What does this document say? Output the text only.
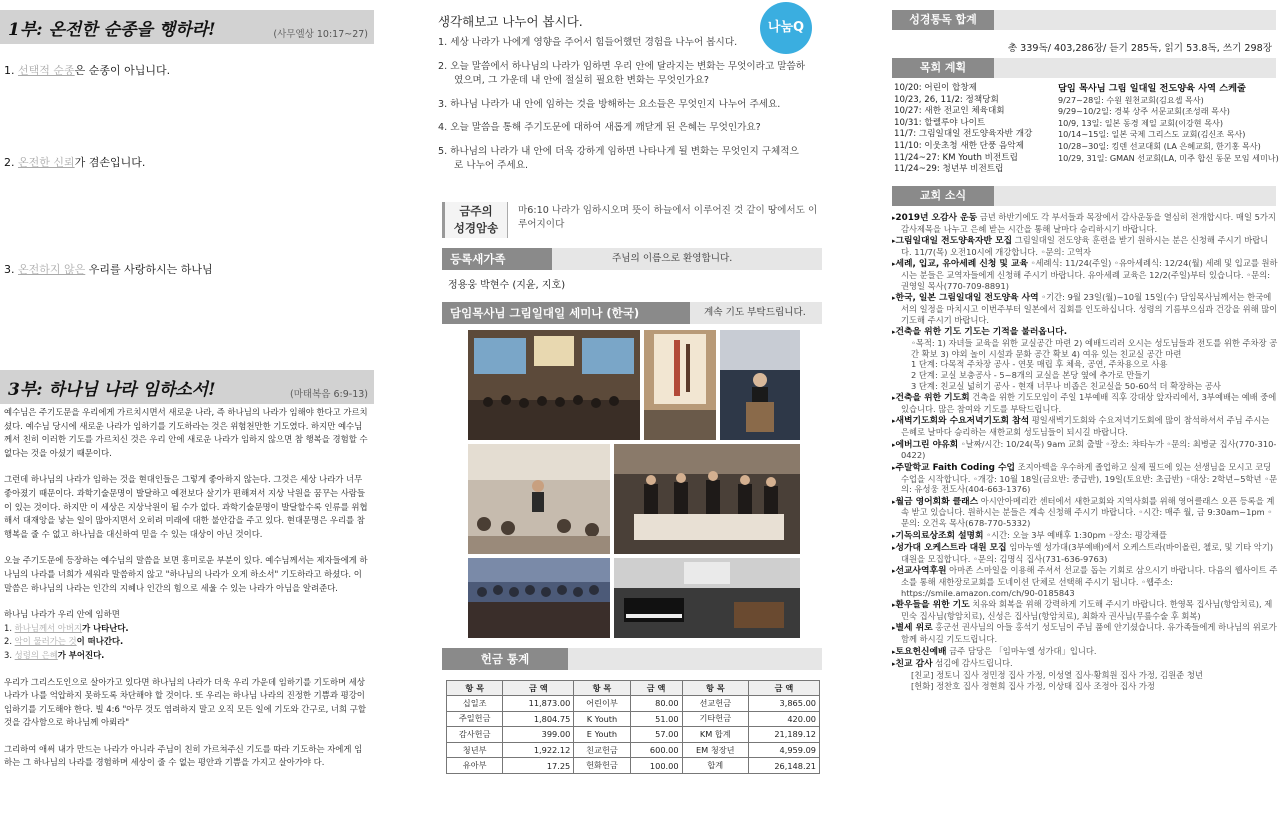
1부: 온전한 순종을 행하라!	(사무엘상 10:17~27)
1. 선택적 순종은 순종이 아닙니다.
2. 온전한 신뢰가 겸손입니다.
3. 온전하지 않은 우리를 사랑하시는 하나님
3부: 하나님 나라 임하소서!	(마태복음 6:9-13)

예수님은 주기도문을 우리에게 가르치시면서 새로운 나라, 즉 하나님의 나라가 임해야 한다고 가르치셨다. 예수님 당시에 새로운 나라가 임하기를 기도하라는 것은 위험천만한 기도였다. 하지만 예수님께서 친히 이러한 기도를 가르치신 것은 우리 안에 새로운 나라가 임하지 않으면 참 행복을 경험할 수 없다는 것을 아셨기 때문이다.

그런데 하나님의 나라가 임하는 것을 현대인들은 그렇게 좋아하지 않는다. 그것은 세상 나라가 너무 좋아졌기 때문이다. 과학기술문명이 발달하고 예전보다 살기가 편해져서 지상 낙원을 꿈꾸는 사람들이 있는 것이다. 하지만 이 세상은 지상낙원이 될 수가 없다. 과학기술문명이 발달할수록 인류를 위협해서 대재앙을 낳는 일이 많아지면서 오히려 미래에 대한 불안감을 주고 있다. 현대문명은 우리를 참 행복을 줄 수 없고 하나님을 대신하여 믿을 수 있는 대상이 아닌 것이다.

오늘 주기도문에 등장하는 예수님의 말씀을 보면 흥미로운 부분이 있다. 예수님께서는 제자들에게 하나님의 나라를 너희가 세워라 말씀하지 않고 "하나님의 나라가 오게 하소서" 기도하라고 하셨다. 이 말씀은 하나님의 나라는 인간의 지혜나 인간의 힘으로 세울 수 있는 나라가 아님을 알려준다.

하나님 나라가 우리 안에 임하면
1. 하나님께서 아버지가 나타난다.
2. 악이 물러가는 것이 떠나간다.
3. 성령의 은혜가 부어진다.

우리가 그리스도인으로 살아가고 있다면 하나님의 나라가 더욱 우리 가운데 임하기를 기도하며 세상 나라가 나를 억압하지 못하도록 차단해야 할 것이다. 또 우리는 하나님 나라의 진정한 기쁨과 평강이 임하기를 기도해야 한다. 빌 4:6 "아무 것도 염려하지 말고 오직 모든 일에 기도와 간구로, 너희 구할 것을 감사함으로 하나님께 아뢰라"

그리하여 애써 내가 만드는 나라가 아니라 주님이 친히 가르쳐주신 기도를 따라 기도하는 자에게 임하는 그 하나님의 나라를 경험하며 세상이 줄 수 없는 평안과 기쁨을 가지고 살아가야 다.

생각해보고 나누어 봅시다.	나눔Q
1. 세상 나라가 나에게 영향을 주어서 힘들어했던 경험을 나누어 봅시다.
2. 오늘 말씀에서 하나님의 나라가 임하면 우리 안에 달라지는 변화는 무엇이라고 말씀하였으며, 그 가운데 내 안에 절실히 필요한 변화는 무엇인가요?
3. 하나님 나라가 내 안에 임하는 것을 방해하는 요소들은 무엇인지 나누어 주세요.
4. 오늘 말씀을 통해 주기도문에 대하여 새롭게 깨닫게 된 은혜는 무엇인가요?
5. 하나님의 나라가 내 안에 더욱 강하게 임하면 나타나게 될 변화는 무엇인지 구체적으로 나누어 주세요.
금주의
성경암송
마6:10 나라가 임하시오며 뜻이 하늘에서 이루어진 것 같이 땅에서도 이루어지이다
등록새가족	주님의 이름으로 환영합니다.
정용웅 박현수 (지윤, 지호)
담임목사님 그림일대일 세미나 (한국)	계속 기도 부탁드립니다.
헌금 통계
항 목	금 액	항 목	금 액	항 목	금 액
십일조	11,873.00	어린이부	80.00	선교헌금	3,865.00
주일헌금	1,804.75	K Youth	51.00	기타헌금	420.00
감사헌금	399.00	E Youth	57.00	KM 합계	21,189.12
청년부	1,922.12	친교헌금	600.00	EM 청장년	4,959.09
유아부	17.25	헌화헌금	100.00	합계	26,148.21
성경통독 합계
총 339독/ 403,286장/ 듣기 285독, 읽기 53.8독, 쓰기 298장
목회 계획
10/20: 어린이 합창제
10/23, 26, 11/2: 정책당회
10/27: 새한 전교인 체육대회
10/31: 할렐루야 나이트
11/7: 그림일대일 전도양육자반 개강
11/10: 이웃초청 새한 단풍 음악제
11/24~27: KM Youth 비전트립
11/24~29: 청년부 비전트립
담임 목사님 그림 일대일 전도양육 사역 스케줄
9/27~28일: 수원 원천교회(김요셉 목사)
9/29~10/2일: 경북 상주 서문교회(조성래 목사)
10/9, 13일: 일본 동경 제일 교회(이강현 목사)
10/14~15일: 일본 국제 그리스도 교회(김신조 목사)
10/28~30일: 킹덴 선교대회 (LA 은혜교회, 한기홍 목사)
10/29, 31일: GMAN 선교회(LA, 미주 합신 동문 모임 세미나)
교회 소식
▸2019년 오감사 운동 금년 하반기에도 각 부서들과 목장에서 감사운동을 열심히 전개합시다. 매일 5가지 감사제목을 나누고 은혜 받는 시간을 통해 날마다 승리하시기 바랍니다.
▸그림일대일 전도양육자반 모집 그림일대일 전도양육 훈련을 받기 원하시는 분은 신청해 주시기 바랍니다. 11/7(목) 오전10시에 개강합니다. ◦문의: 고역자
▸세례, 입교, 유아세례 신청 및 교육 ◦세례식: 11/24(주일) ◦유아세례식: 12/24(월) 세례 및 입교를 원하시는 분들은 교역자들에게 신청해 주시기 바랍니다. 유아세례 교육은 12/2(주일)부터 있습니다. ◦문의: 권영일 목사(770-709-8891)
▸한국, 일본 그림일대일 전도양육 사역 ◦기간: 9월 23일(월)~10월 15일(수) 담임목사님께서는 한국에서의 일정을 마치시고 이번주부터 일본에서 집회를 인도하십니다. 성령의 기름부으심과 건강을 위해 많이 기도해 주시기 바랍니다.
▸건축을 위한 기도 기도는 기적을 불러옵니다.
◦목적: 1) 자녀들 교육을 위한 교실공간 마련 2) 예배드리러 오시는 성도님들과 전도를 위한 주차장 공간 확보 3) 야외 놀이 시설과 문화 공간 확보 4) 여유 있는 친교실 공간 마련
1 단계: 다목적 주차장 공사 - 연못 매립 후 체육, 공연, 주차용으로 사용
2 단계: 교실 보충공사 - 5~8개의 교실을 본당 옆에 추가로 만들기
3 단계: 친교실 넓히기 공사 - 현재 너무나 비좁은 친교실을 50-60석 더 확장하는 공사
▸건축을 위한 기도회 건축을 위한 기도모임이 주일 1부예배 직후 강대상 앞자리에서, 3부예배는 예배 중에 있습니다. 많은 참여와 기도를 부탁드립니다.
▸새벽기도회와 수요저녁기도회 참석 평일새벽기도회와 수요저녁기도회에 많이 참석하셔서 주님 주시는 은혜로 날마다 승리하는 새한교회 성도님들이 되시길 바랍니다.
▸에버그린 야유회 ◦날짜/시간: 10/24(목) 9am 교회 출발 ◦장소: 챠타누가 ◦문의: 최병균 집사(770-310-0422)
▸주말학교 Faith Coding 수업 조지아텍을 우수하게 졸업하고 실제 필드에 있는 선생님을 모시고 코딩 수업을 시작합니다. ◦개강: 10월 18일(금요반: 중급반), 19일(토요반: 초급반) ◦대상: 2학년~5학년 ◦문의: 유성웅 전도사(404-663-1376)
▸월금 영어회화 클래스 아시안아메리칸 센터에서 새한교회와 지역사회를 위해 영어클래스 오픈 등록을 계속 받고 있습니다. 원하시는 분들은 계속 신청해 주시기 바랍니다. ◦시간: 매주 월, 금 9:30am~1pm ◦문의: 오건옥 목사(678-770-5332)
▸기독의료상조회 설명회 ◦시간: 오늘 3부 예배후 1:30pm ◦장소: 평강채플
▸성가대 오케스트라 대원 모집 임마누엘 성가대(3부예배)에서 오케스트라(바이올린, 첼로, 및 기타 악기)대원을 모집합니다. ◦문의: 김명식 집사(731-636-9763)
▸선교사역후원 아마존 스마일을 이용해 주셔서 선교를 돕는 기회로 삼으시기 바랍니다. 다음의 웹사이트 주소를 통해 새한장로교회를 도네이션 단체로 선택해 주시기 됩니다. ◦웹주소: https://smile.amazon.com/ch/90-0185843
▸환우들을 위한 기도 치유와 회복을 위해 강력하게 기도해 주시기 바랍니다. 한영목 집사님(항암치료), 제민숙 집사님(항암치료), 신성은 집사님(항암치료), 최화자 권사님(무릎수술 후 회복)
▸별세 위로 홍군선 권사님의 아들 홍석기 성도님이 주님 품에 안기셨습니다. 유가족들에게 하나님의 위로가 함께 하시길 기도드립니다.
▸토요헌신예배 금주 담당은 「임마누엘 성가대」입니다.
▸친교 감사 섬김에 감사드립니다.
[친교] 정토니 집사 정민정 집사 가정, 이성열 집사·황희원 집사 가정, 김원준 청년
[헌화] 정찬호 집사 정현희 집사 가정, 이상태 집사 조정아 집사 가정
